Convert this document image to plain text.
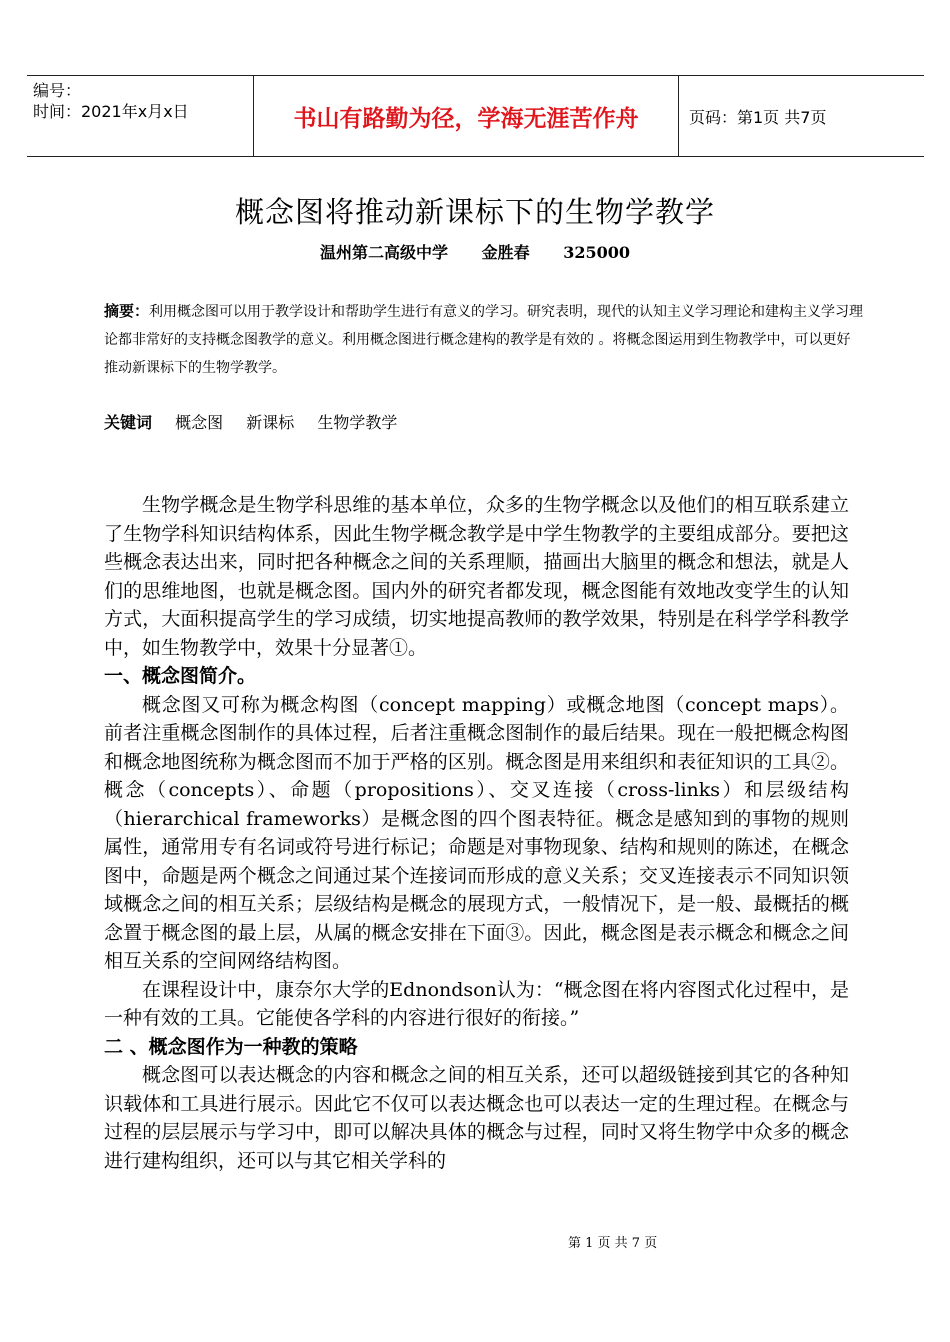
编号：
时间：2021年x月x日	书山有路勤为径，学海无涯苦作舟	页码：第1页 共7页
概念图将推动新课标下的生物学教学
温州第二高级中学 金胜春 325000
摘要：利用概念图可以用于教学设计和帮助学生进行有意义的学习。研究表明，现代的认知主义学习理论和建构主义学习理论都非常好的支持概念图教学的意义。利用概念图进行概念建构的教学是有效的 。将概念图运用到生物教学中，可以更好推动新课标下的生物学教学。
关键词 概念图 新课标 生物学教学

生物学概念是生物学科思维的基本单位，众多的生物学概念以及他们的相互联系建立了生物学科知识结构体系，因此生物学概念教学是中学生物教学的主要组成部分。要把这些概念表达出来，同时把各种概念之间的关系理顺，描画出大脑里的概念和想法，就是人们的思维地图，也就是概念图。国内外的研究者都发现，概念图能有效地改变学生的认知方式，大面积提高学生的学习成绩，切实地提高教师的教学效果，特别是在科学学科教学中，如生物教学中，效果十分显著①。

一、概念图简介。

概念图又可称为概念构图（concept mapping）或概念地图（concept maps）。前者注重概念图制作的具体过程，后者注重概念图制作的最后结果。现在一般把概念构图和概念地图统称为概念图而不加于严格的区别。概念图是用来组织和表征知识的工具②。概念（concepts）、命题（propositions）、交叉连接（cross-links）和层级结构（hierarchical frameworks）是概念图的四个图表特征。概念是感知到的事物的规则属性，通常用专有名词或符号进行标记；命题是对事物现象、结构和规则的陈述，在概念图中，命题是两个概念之间通过某个连接词而形成的意义关系；交叉连接表示不同知识领域概念之间的相互关系；层级结构是概念的展现方式，一般情况下，是一般、最概括的概念置于概念图的最上层，从属的概念安排在下面③。因此，概念图是表示概念和概念之间相互关系的空间网络结构图。

在课程设计中，康奈尔大学的Ednondson认为：“概念图在将内容图式化过程中，是一种有效的工具。它能使各学科的内容进行很好的衔接。”

二 、概念图作为一种教的策略

概念图可以表达概念的内容和概念之间的相互关系，还可以超级链接到其它的各种知识载体和工具进行展示。因此它不仅可以表达概念也可以表达一定的生理过程。在概念与过程的层层展示与学习中，即可以解决具体的概念与过程，同时又将生物学中众多的概念进行建构组织，还可以与其它相关学科的

第 1 页 共 7 页
